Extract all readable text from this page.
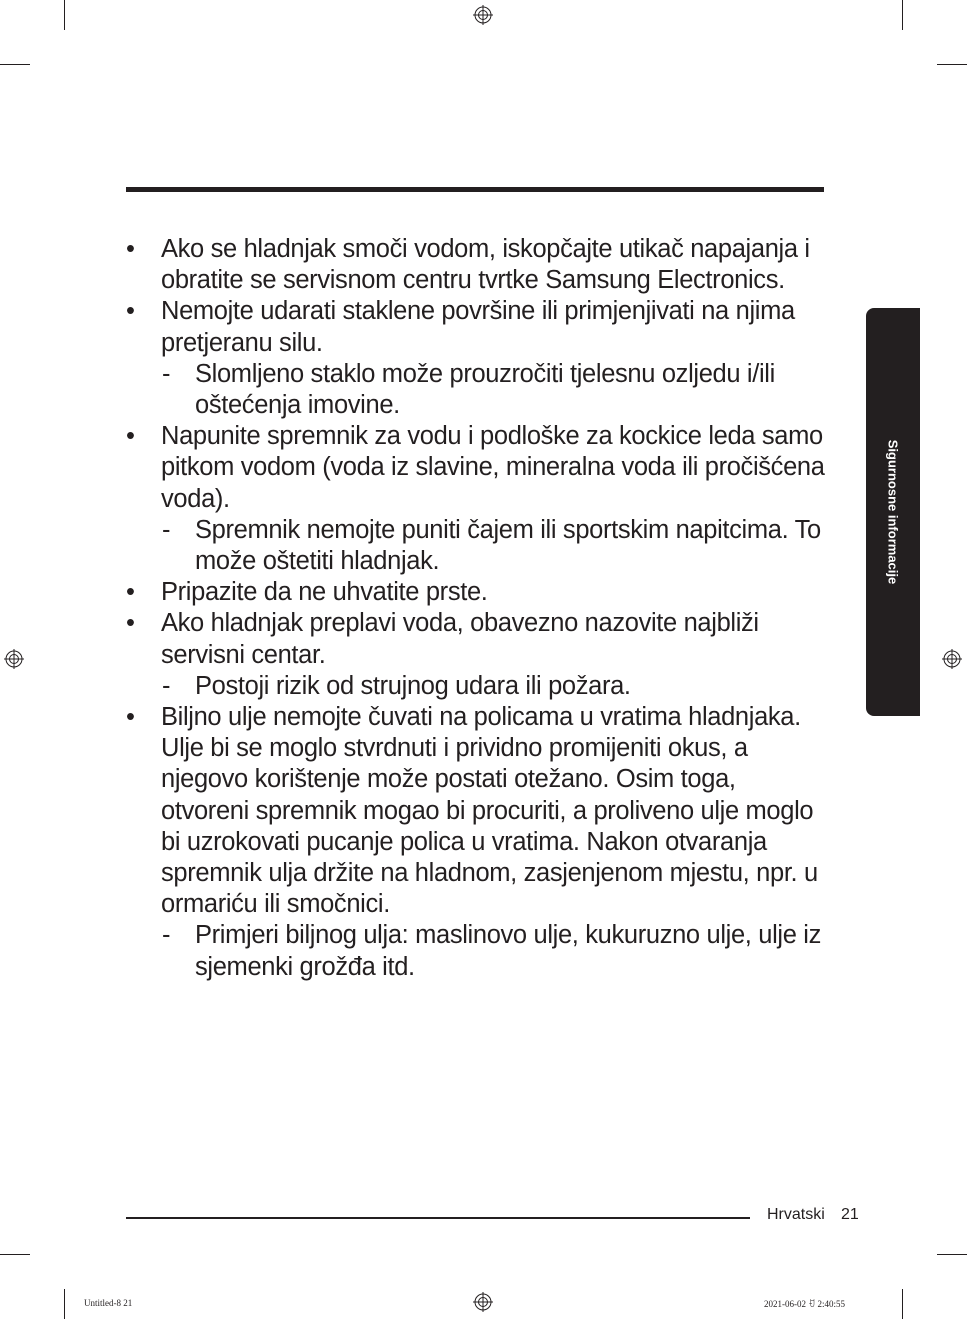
•	Ako se hladnjak smoči vodom, iskopčajte utikač napajanja i obratite se servisnom centru tvrtke Samsung Electronics.
•	Nemojte udarati staklene površine ili primjenjivati na njima pretjeranu silu.
- Slomljeno staklo može prouzročiti tjelesnu ozljedu i/ili oštećenja imovine.
•	Napunite spremnik za vodu i podloške za kockice leda samo pitkom vodom (voda iz slavine, mineralna voda ili pročišćena voda).
- Spremnik nemojte puniti čajem ili sportskim napitcima. To može oštetiti hladnjak.
•	Pripazite da ne uhvatite prste.
•	Ako hladnjak preplavi voda, obavezno nazovite najbliži servisni centar.
- Postoji rizik od strujnog udara ili požara.
•	Biljno ulje nemojte čuvati na policama u vratima hladnjaka. Ulje bi se moglo stvrdnuti i prividno promijeniti okus, a njegovo korištenje može postati otežano. Osim toga, otvoreni spremnik mogao bi procuriti, a proliveno ulje moglo bi uzrokovati pucanje polica u vratima. Nakon otvaranja spremnik ulja držite na hladnom, zasjenjenom mjestu, npr. u ormariću ili smočnici.
- Primjeri biljnog ulja: maslinovo ulje, kukuruzno ulje, ulje iz sjemenki grožđa itd.
Sigurnosne informacije
Hrvatski 21
Untitled-8 21	2021-06-02 ꀀ 2:40:55
